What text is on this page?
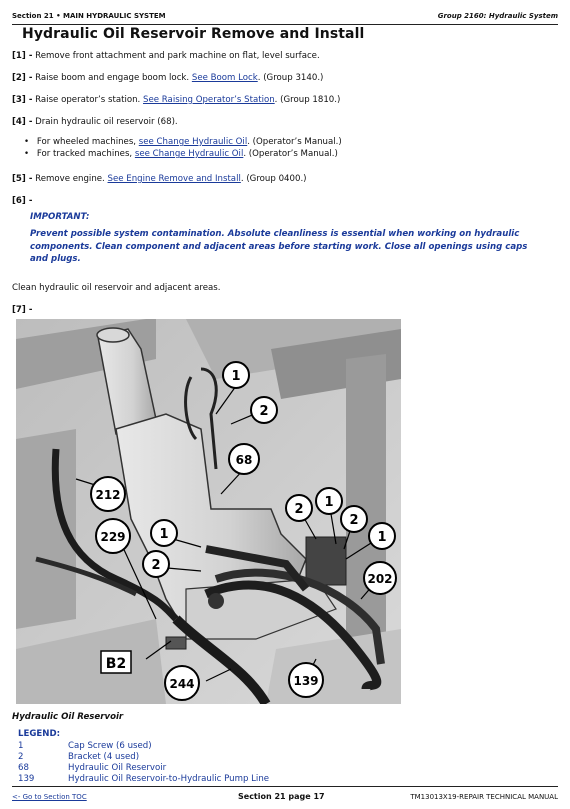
Section 21 • MAIN HYDRAULIC SYSTEM	Group 2160: Hydraulic System
Hydraulic Oil Reservoir Remove and Install
[1] - Remove front attachment and park machine on flat, level surface.
[2] - Raise boom and engage boom lock. See Boom Lock. (Group 3140.)
[3] - Raise operator’s station. See Raising Operator’s Station. (Group 1810.)
[4] - Drain hydraulic oil reservoir (68).
• For wheeled machines, see Change Hydraulic Oil. (Operator’s Manual.)
• For tracked machines, see Change Hydraulic Oil. (Operator’s Manual.)
[5] - Remove engine. See Engine Remove and Install. (Group 0400.)
[6] -
IMPORTANT:
Prevent possible system contamination. Absolute cleanliness is essential when working on hydraulic components. Clean component and adjacent areas before starting work. Close all openings using caps and plugs.
Clean hydraulic oil reservoir and adjacent areas.
[7] -
1
2
68
212
229	1
2
2 1
2
1
202
B2
244	139
Hydraulic Oil Reservoir
LEGEND:
1	Cap Screw (6 used)
2	Bracket (4 used)
68	Hydraulic Oil Reservoir
139	Hydraulic Oil Reservoir-to-Hydraulic Pump Line
<- Go to Section TOC	Section 21 page 17	TM13013X19-REPAIR TECHNICAL MANUAL
